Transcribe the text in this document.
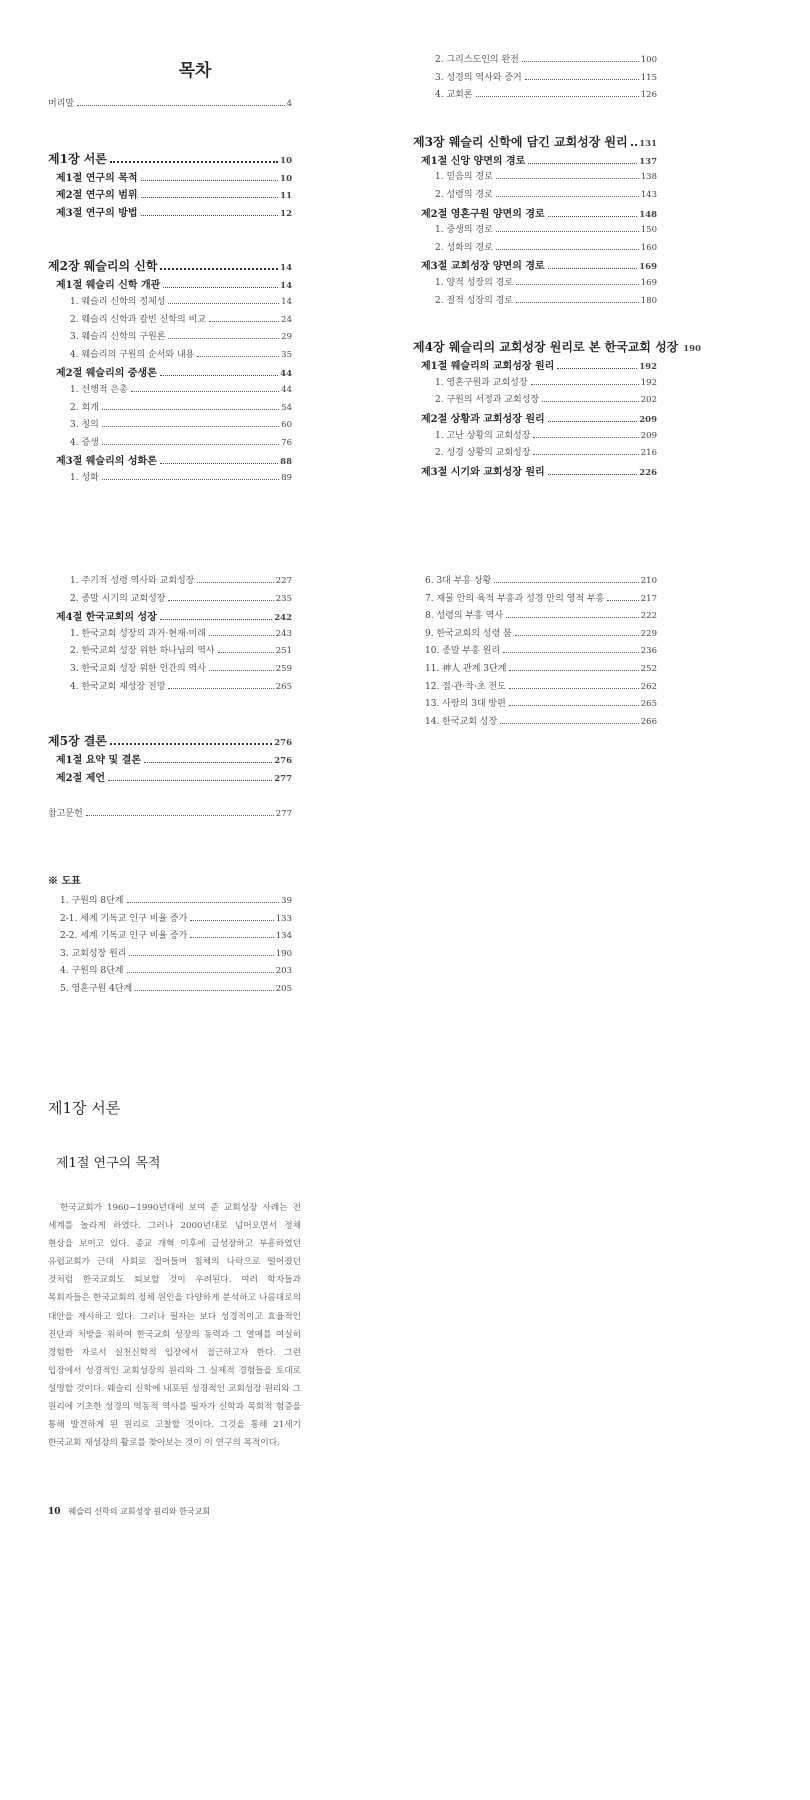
목차
머리말	4
제1장 서론	10
제1절 연구의 목적	10
제2절 연구의 범위	11
제3절 연구의 방법	12
제2장 웨슬리의 신학	14
제1절 웨슬리 신학 개관	14
1. 웨슬리 신학의 정체성	14
2. 웨슬리 신학과 칼빈 신학의 비교	24
3. 웨슬리 신학의 구원론	29
4. 웨슬리의 구원의 순서와 내용	35
제2절 웨슬리의 중생론	44
1. 선행적 은총	44
2. 회개	54
3. 칭의	60
4. 중생	76
제3절 웨슬리의 성화론	88
1. 성화	89
2. 그리스도인의 완전	100
3. 성경의 역사와 증거	115
4. 교회론	126
제3장 웨슬리 신학에 담긴 교회성장 원리 131
제1절 신앙 양면의 경로	137
1. 믿음의 경로	138
2. 성령의 경로	143
제2절 영혼구원 양면의 경로	148
1. 중생의 경로	150
2. 성화의 경로	160
제3절 교회성장 양면의 경로	169
1. 양적 성장의 경로	169
2. 질적 성장의 경로	180
제4장 웨슬리의 교회성장 원리로 본 한국교회 성장 190
제1절 웨슬리의 교회성장 원리	192
1. 영혼구원과 교회성장	192
2. 구원의 서정과 교회성장	202
제2절 상황과 교회성장 원리	209
1. 고난 상황의 교회성장	209
2. 성경 상황의 교회성장	216
제3절 시기와 교회성장 원리	226
1. 주기적 성령 역사와 교회성장	227
2. 종말 시기의 교회성장	235
제4절 한국교회의 성장	242
1. 한국교회 성장의 과거·현재·미래	243
2. 한국교회 성장 위한 하나님의 역사	251
3. 한국교회 성장 위한 인간의 역사	259
4. 한국교회 재성장 전망	265
제5장 결론	276
제1절 요약 및 결론	276
제2절 제언	277
참고문헌	277
※ 도표
1. 구원의 8단계	39
2-1. 세계 기독교 인구 비율 증가	133
2-2. 세계 기독교 인구 비율 증가	134
3. 교회성장 원리	190
4. 구원의 8단계	203
5. 영혼구원 4단계	205
6. 3대 부흥 상황	210
7. 재물 안의 육적 부흥과 성경 안의 영적 부흥	217
8. 성령의 부흥 역사	222
9. 한국교회의 성령 붐	229
10. 종말 부흥 원리	236
11. 神人 관계 3단계	252
12. 접·관·착·초 전도	262
13. 사랑의 3대 방편	265
14. 한국교회 성장	266
제1장 서론
제1절 연구의 목적
한국교회가 1960~1990년대에 보여 준 교회성장 사례는 전 세계를 놀라게 하였다. 그러나 2000년대로 넘어오면서 정체 현상을 보이고 있다. 종교 개혁 이후에 급성장하고 부흥하였던 유럽교회가 근대 사회로 접어들며 침체의 나락으로 떨어졌던 것처럼 한국교회도 퇴보할 것이 우려된다. 여러 학자들과 목회자들은 한국교회의 정체 원인을 다양하게 분석하고 나름대로의 대안을 제시하고 있다. 그러나 필자는 보다 성경적이고 효율적인 진단과 처방을 위하여 한국교회 성장의 동력과 그 열매를 여실히 경험한 자로서 실천신학적 입장에서 접근하고자 한다. 그런 입장에서 성경적인 교회성장의 원리와 그 실제적 경험들을 토대로 설명할 것이다. 웨슬리 신학에 내포된 성경적인 교회성장 원리와 그 원리에 기초한 성경의 역동적 역사를 필자가 신학과 목회적 험증을 통해 발견하게 된 원리로 고찰할 것이다. 그것을 통해 21세기 한국교회 재성장의 활로를 찾아보는 것이 이 연구의 목적이다.
10 웨슬리 신학의 교회성장 원리와 한국교회
